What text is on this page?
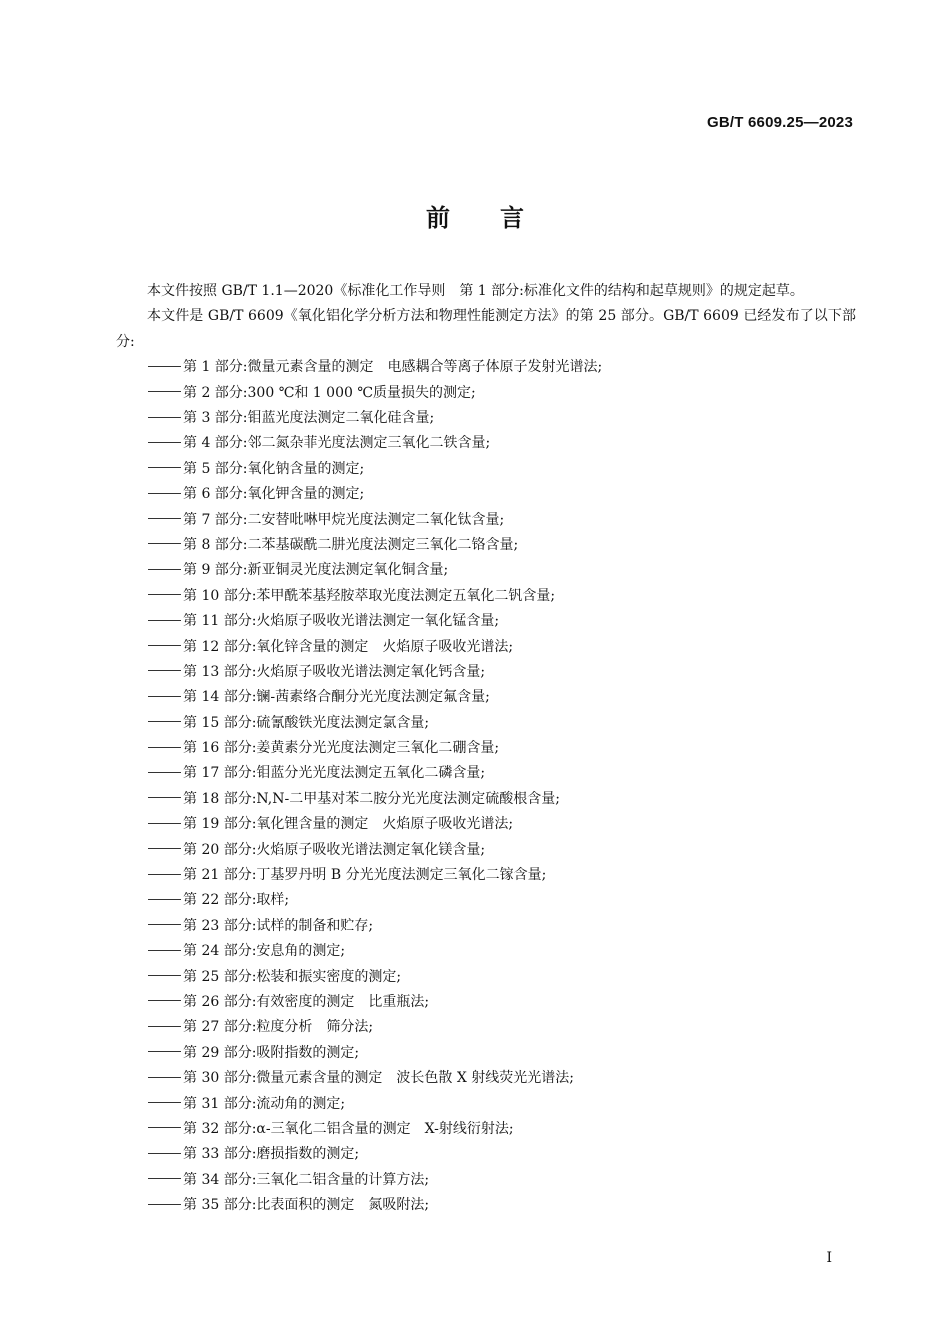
GB/T 6609.25—2023
前 言

本文件按照 GB/T 1.1—2020《标准化工作导则　第 1 部分:标准化文件的结构和起草规则》的规定起草。

本文件是 GB/T 6609《氧化铝化学分析方法和物理性能测定方法》的第 25 部分。GB/T 6609 已经发布了以下部分:

第 1 部分:微量元素含量的测定　电感耦合等离子体原子发射光谱法;
第 2 部分:300 ℃和 1 000 ℃质量损失的测定;
第 3 部分:钼蓝光度法测定二氧化硅含量;
第 4 部分:邻二氮杂菲光度法测定三氧化二铁含量;
第 5 部分:氧化钠含量的测定;
第 6 部分:氧化钾含量的测定;
第 7 部分:二安替吡啉甲烷光度法测定二氧化钛含量;
第 8 部分:二苯基碳酰二肼光度法测定三氧化二铬含量;
第 9 部分:新亚铜灵光度法测定氧化铜含量;
第 10 部分:苯甲酰苯基羟胺萃取光度法测定五氧化二钒含量;
第 11 部分:火焰原子吸收光谱法测定一氧化锰含量;
第 12 部分:氧化锌含量的测定　火焰原子吸收光谱法;
第 13 部分:火焰原子吸收光谱法测定氧化钙含量;
第 14 部分:镧-茜素络合酮分光光度法测定氟含量;
第 15 部分:硫氰酸铁光度法测定氯含量;
第 16 部分:姜黄素分光光度法测定三氧化二硼含量;
第 17 部分:钼蓝分光光度法测定五氧化二磷含量;
第 18 部分:N,N-二甲基对苯二胺分光光度法测定硫酸根含量;
第 19 部分:氧化锂含量的测定　火焰原子吸收光谱法;
第 20 部分:火焰原子吸收光谱法测定氧化镁含量;
第 21 部分:丁基罗丹明 B 分光光度法测定三氧化二镓含量;
第 22 部分:取样;
第 23 部分:试样的制备和贮存;
第 24 部分:安息角的测定;
第 25 部分:松装和振实密度的测定;
第 26 部分:有效密度的测定　比重瓶法;
第 27 部分:粒度分析　筛分法;
第 29 部分:吸附指数的测定;
第 30 部分:微量元素含量的测定　波长色散 X 射线荧光光谱法;
第 31 部分:流动角的测定;
第 32 部分:α-三氧化二铝含量的测定　X-射线衍射法;
第 33 部分:磨损指数的测定;
第 34 部分:三氧化二铝含量的计算方法;
第 35 部分:比表面积的测定　氮吸附法;
I
